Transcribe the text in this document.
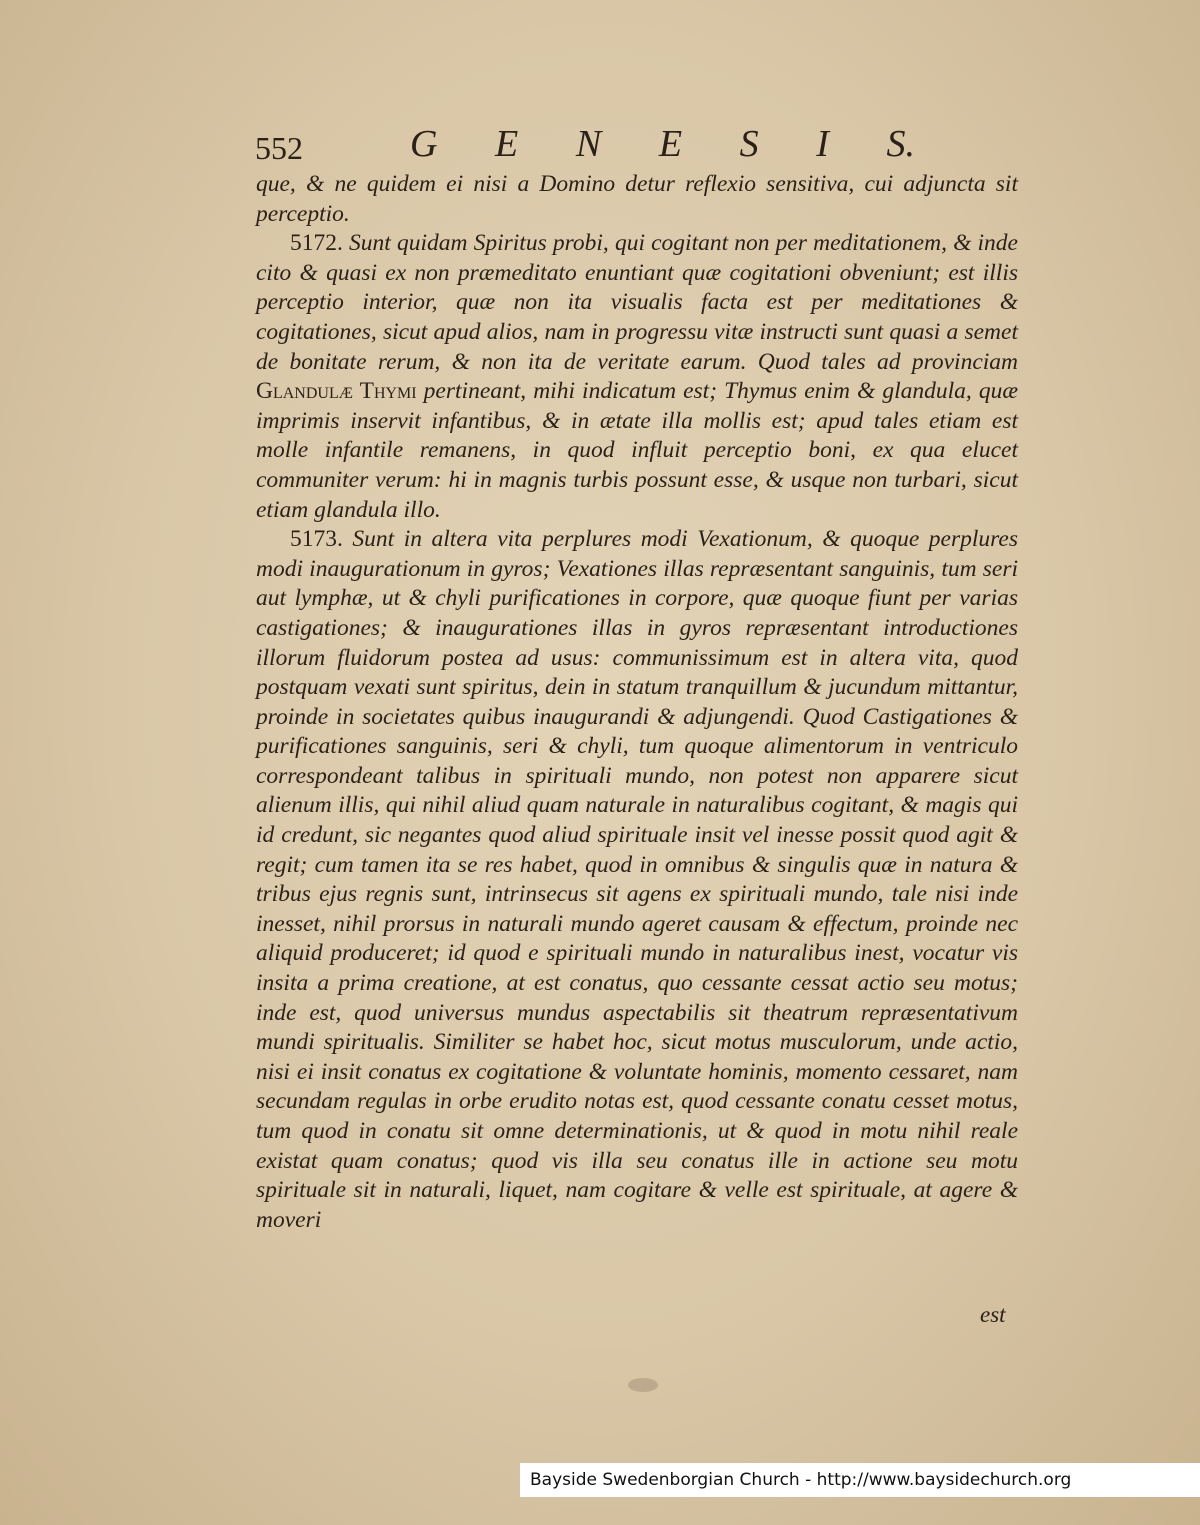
552	G E N E S I S.

que, & ne quidem ei nisi a Domino detur reflexio sensitiva, cui adjuncta sit perceptio.

5172. Sunt quidam Spiritus probi, qui cogitant non per meditationem, & inde cito & quasi ex non præmeditato enuntiant quæ cogitationi obveniunt; est illis perceptio interior, quæ non ita visualis facta est per meditationes & cogitationes, sicut apud alios, nam in progressu vitæ instructi sunt quasi a semet de bonitate rerum, & non ita de veritate earum. Quod tales ad provinciam Glandulæ Thymi pertineant, mihi indicatum est; Thymus enim & glandula, quæ imprimis inservit infantibus, & in ætate illa mollis est; apud tales etiam est molle infantile remanens, in quod influit perceptio boni, ex qua elucet communiter verum: hi in magnis turbis possunt esse, & usque non turbari, sicut etiam glandula illo.

5173. Sunt in altera vita perplures modi Vexationum, & quoque perplures modi inaugurationum in gyros; Vexationes illas repræsentant sanguinis, tum seri aut lymphæ, ut & chyli purificationes in corpore, quæ quoque fiunt per varias castigationes; & inaugurationes illas in gyros repræsentant introductiones illorum fluidorum postea ad usus: communissimum est in altera vita, quod postquam vexati sunt spiritus, dein in statum tranquillum & jucundum mittantur, proinde in societates quibus inaugurandi & adjungendi. Quod Castigationes & purificationes sanguinis, seri & chyli, tum quoque alimentorum in ventriculo correspondeant talibus in spirituali mundo, non potest non apparere sicut alienum illis, qui nihil aliud quam naturale in naturalibus cogitant, & magis qui id credunt, sic negantes quod aliud spirituale insit vel inesse possit quod agit & regit; cum tamen ita se res habet, quod in omnibus & singulis quæ in natura & tribus ejus regnis sunt, intrinsecus sit agens ex spirituali mundo, tale nisi inde inesset, nihil prorsus in naturali mundo ageret causam & effectum, proinde nec aliquid produceret; id quod e spirituali mundo in naturalibus inest, vocatur vis insita a prima creatione, at est conatus, quo cessante cessat actio seu motus; inde est, quod universus mundus aspectabilis sit theatrum repræsentativum mundi spiritualis. Similiter se habet hoc, sicut motus musculorum, unde actio, nisi ei insit conatus ex cogitatione & voluntate hominis, momento cessaret, nam secundam regulas in orbe erudito notas est, quod cessante conatu cesset motus, tum quod in conatu sit omne determinationis, ut & quod in motu nihil reale existat quam conatus; quod vis illa seu conatus ille in actione seu motu spirituale sit in naturali, liquet, nam cogitare & velle est spirituale, at agere & moveri

est
Bayside Swedenborgian Church - http://www.baysidechurch.org
